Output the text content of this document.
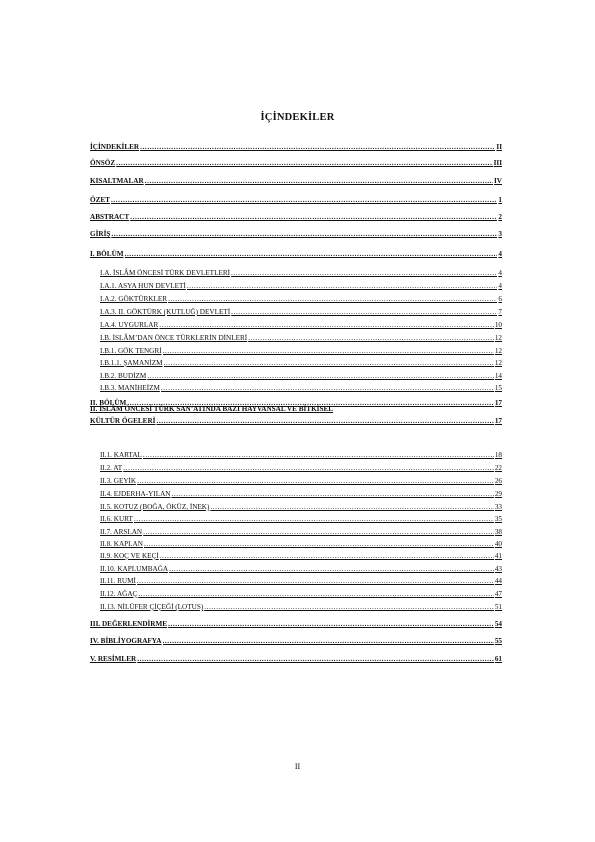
İÇİNDEKİLER
İÇİNDEKİLER .....	II
ÖNSÖZ .....	III
KISALTMALAR .....	IV
ÖZET .....	1
ABSTRACT .....	2
GİRİŞ .....	3
I. BÖLÜM .....	4
I.A. İSLÂM ÖNCESİ TÜRK DEVLETLERİ .....	4
I.A.1. ASYA HUN DEVLETİ .....	4
I.A.2. GÖKTÜRKLER .....	6
I.A.3. II. GÖKTÜRK (KUTLUĞ) DEVLETİ .....	7
I.A.4. UYGURLAR .....	10
I.B. İSLÂM’DAN ÖNCE TÜRKLERİN DİNLERİ .....	12
I.B.1. GÖK TENGRİ .....	12
I.B.1.1. ŞAMANİZM .....	12
I.B.2. BUDİZM .....	14
I.B.3. MANİHEİZM .....	15
II. BÖLÜM .....	17
II. İSLÂM ÖNCESİ TÜRK SAN’ATINDA BAZI HAYVANSAL VE BİTKİSEL
KÜLTÜR ÖGELERİ .....	17
II.1. KARTAL .....	18
II.2. AT .....	22
II.3. GEYİK .....	26
II.4. EJDERHA-YILAN .....	29
II.5. KOTUZ (BOĞA, ÖKÜZ, İNEK) .....	33
II.6. KURT .....	35
II.7. ARSLAN .....	38
II.8. KAPLAN .....	40
II.9. KOÇ VE KEÇİ .....	41
II.10. KAPLUMBAĞA .....	43
II.11. RUMİ .....	44
II.12. AĞAÇ .....	47
II.13. NİLÜFER ÇİÇEĞİ (LOTUS) .....	51
III. DEĞERLENDİRME .....	54
IV. BİBLİYOGRAFYA .....	55
V. RESİMLER .....	61
II
